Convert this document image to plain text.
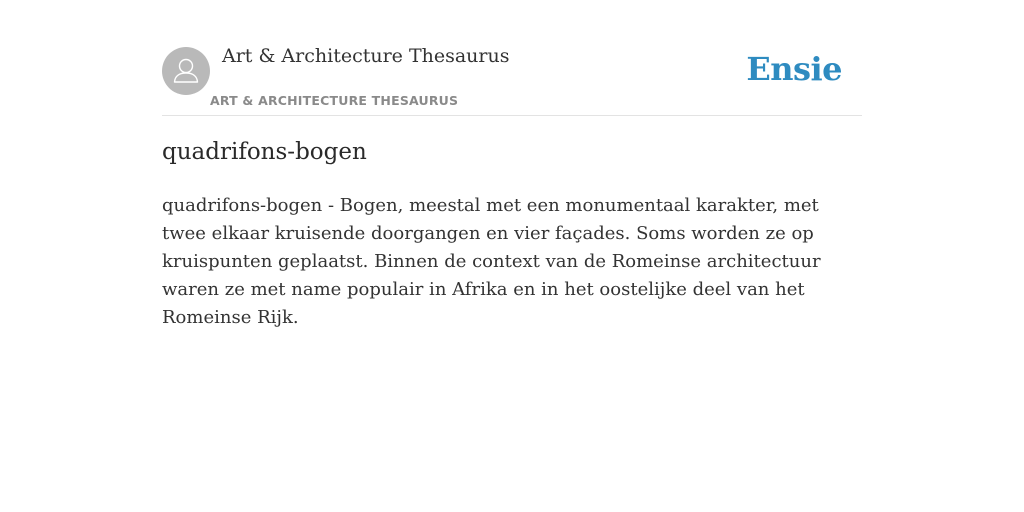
Art & Architecture Thesaurus
ART & ARCHITECTURE THESAURUS
Ensie
quadrifons-bogen

quadrifons-bogen - Bogen, meestal met een monumentaal karakter, met twee elkaar kruisende doorgangen en vier façades. Soms worden ze op kruispunten geplaatst. Binnen de context van de Romeinse architectuur waren ze met name populair in Afrika en in het oostelijke deel van het Romeinse Rijk.
